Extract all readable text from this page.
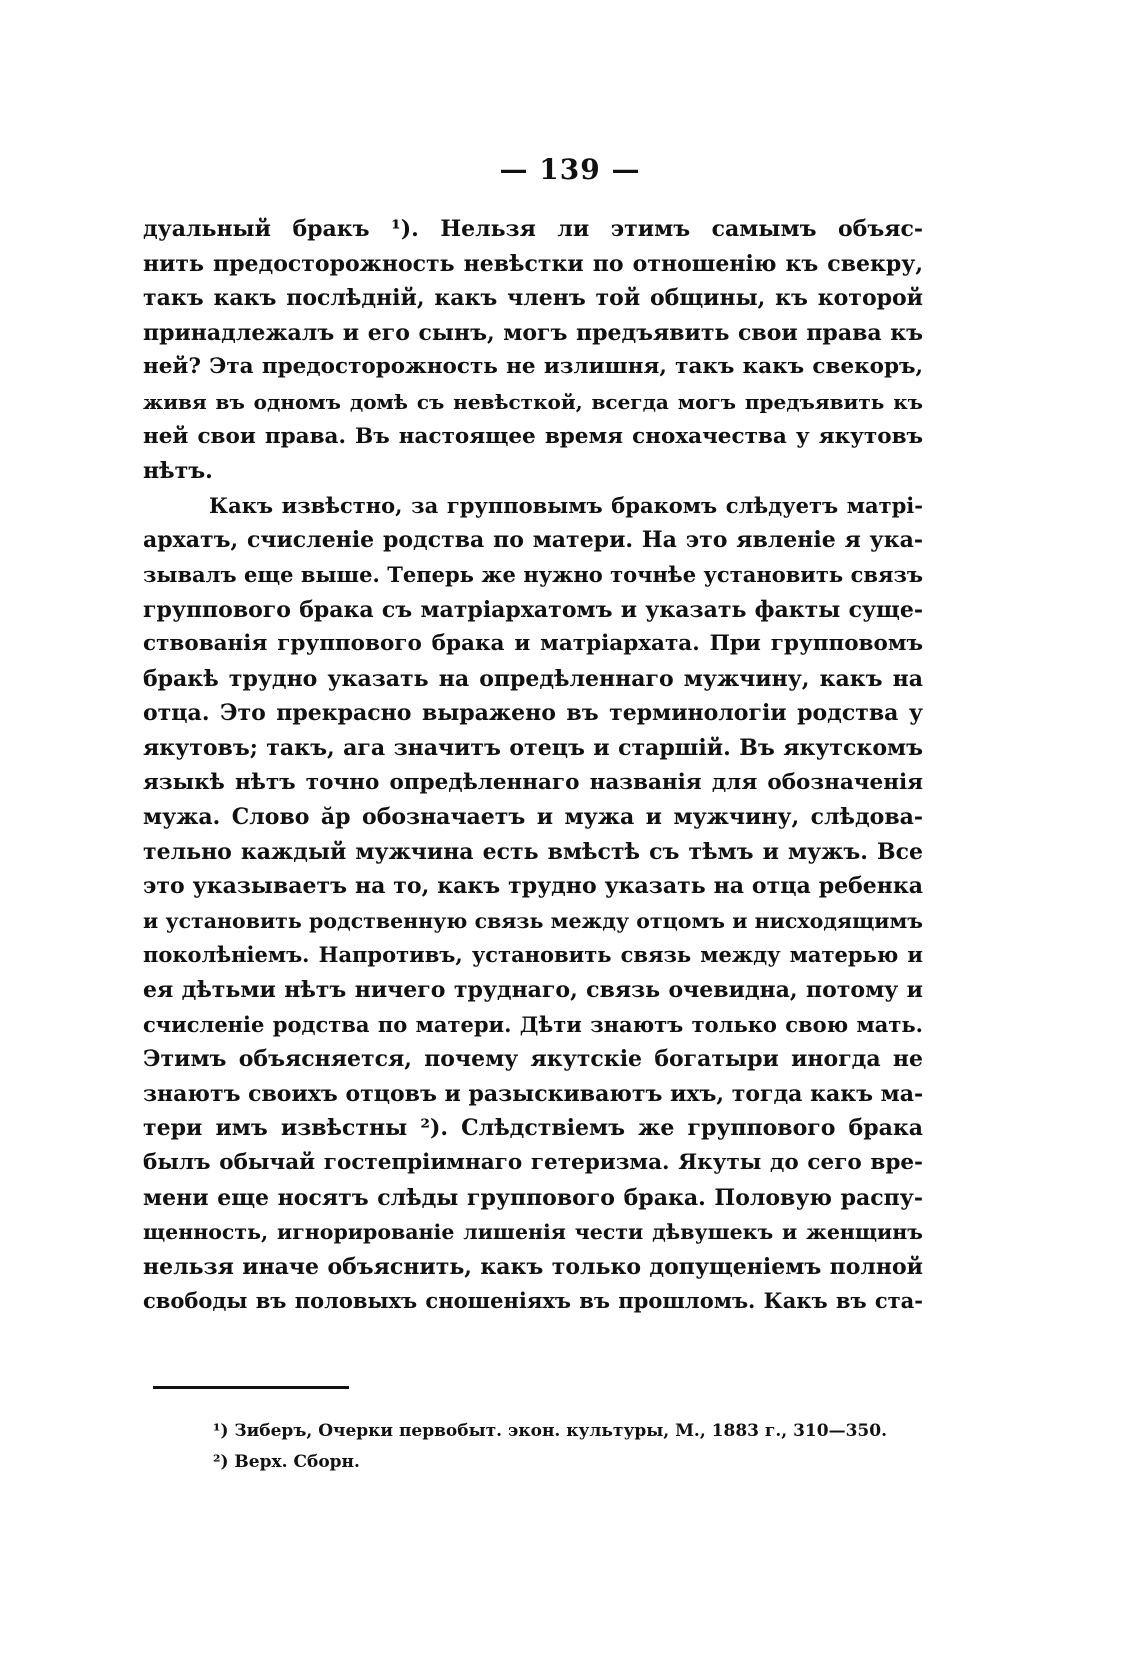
— 139 —
дуальный бракъ ¹). Нельзя ли этимъ самымъ объяс-
нить предосторожность невѣстки по отношенію къ свекру,
такъ какъ послѣдній, какъ членъ той общины, къ которой
принадлежалъ и его сынъ, могъ предъявить свои права къ
ней? Эта предосторожность не излишня, такъ какъ свекоръ,
живя въ одномъ домѣ съ невѣсткой, всегда могъ предъявить къ
ней свои права. Въ настоящее время снохачества у якутовъ
нѣтъ.
Какъ извѣстно, за групповымъ бракомъ слѣдуетъ матрі-
архатъ, счисленіе родства по матери. На это явленіе я ука-
зывалъ еще выше. Теперь же нужно точнѣе установить связъ
группового брака съ матріархатомъ и указать факты суще-
ствованія группового брака и матріархата. При групповомъ
бракѣ трудно указать на опредѣленнаго мужчину, какъ на
отца. Это прекрасно выражено въ терминологіи родства у
якутовъ; такъ, ага значитъ отецъ и старшій. Въ якутскомъ
языкѣ нѣтъ точно опредѣленнаго названія для обозначенія
мужа. Слово ӑр обозначаетъ и мужа и мужчину, слѣдова-
тельно каждый мужчина есть вмѣстѣ съ тѣмъ и мужъ. Все
это указываетъ на то, какъ трудно указать на отца ребенка
и установить родственную связь между отцомъ и нисходящимъ
поколѣніемъ. Напротивъ, установить связь между матерью и
ея дѣтьми нѣтъ ничего труднаго, связь очевидна, потому и
счисленіе родства по матери. Дѣти знаютъ только свою мать.
Этимъ объясняется, почему якутскіе богатыри иногда не
знаютъ своихъ отцовъ и разыскиваютъ ихъ, тогда какъ ма-
тери имъ извѣстны ²). Слѣдствіемъ же группового брака
былъ обычай гостепріимнаго гетеризма. Якуты до сего вре-
мени еще носятъ слѣды группового брака. Половую распу-
щенность, игнорированіе лишенія чести дѣвушекъ и женщинъ
нельзя иначе объяснить, какъ только допущеніемъ полной
свободы въ половыхъ сношеніяхъ въ прошломъ. Какъ въ ста-
¹) Зиберъ, Очерки первобыт. экон. культуры, М., 1883 г., 310—350.
²) Верх. Сборн.
